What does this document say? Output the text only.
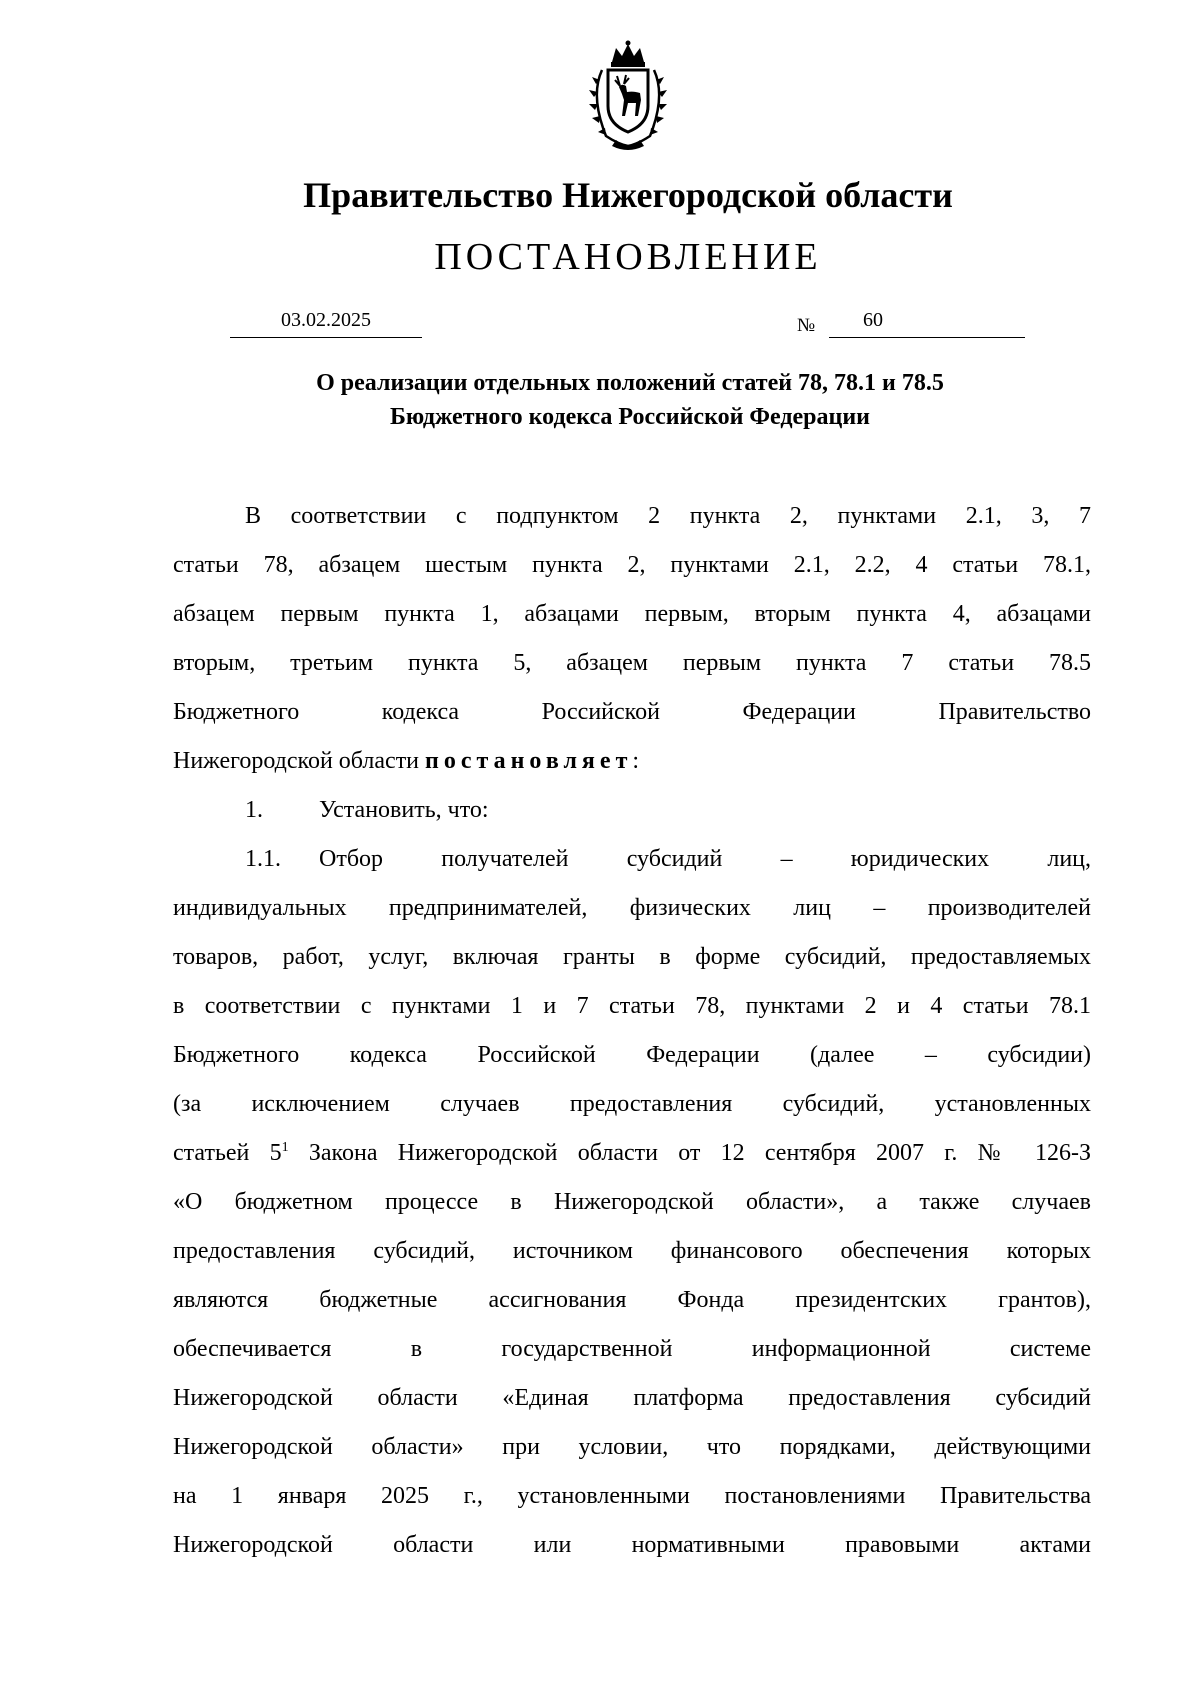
Правительство Нижегородской области
ПОСТАНОВЛЕНИЕ
03.02.2025	№ 60
О реализации отдельных положений статей 78, 78.1 и 78.5
Бюджетного кодекса Российской Федерации
В соответствии с подпунктом 2 пункта 2, пунктами 2.1, 3, 7
статьи 78, абзацем шестым пункта 2, пунктами 2.1, 2.2, 4 статьи 78.1,
абзацем первым пункта 1, абзацами первым, вторым пункта 4, абзацами
вторым, третьим пункта 5, абзацем первым пункта 7 статьи 78.5
Бюджетного кодекса Российской Федерации Правительство
Нижегородской области постановляет:
1. Установить, что:
1.1. Отбор получателей субсидий – юридических лиц,
индивидуальных предпринимателей, физических лиц – производителей
товаров, работ, услуг, включая гранты в форме субсидий, предоставляемых
в соответствии с пунктами 1 и 7 статьи 78, пунктами 2 и 4 статьи 78.1
Бюджетного кодекса Российской Федерации (далее – субсидии)
(за исключением случаев предоставления субсидий, установленных
статьей $5^1$ Закона Нижегородской области от 12 сентября 2007 г. № 126-З
«О бюджетном процессе в Нижегородской области», а также случаев
предоставления субсидий, источником финансового обеспечения которых
являются бюджетные ассигнования Фонда президентских грантов),
обеспечивается в государственной информационной системе
Нижегородской области «Единая платформа предоставления субсидий
Нижегородской области» при условии, что порядками, действующими
на 1 января 2025 г., установленными постановлениями Правительства
Нижегородской области или нормативными правовыми актами
